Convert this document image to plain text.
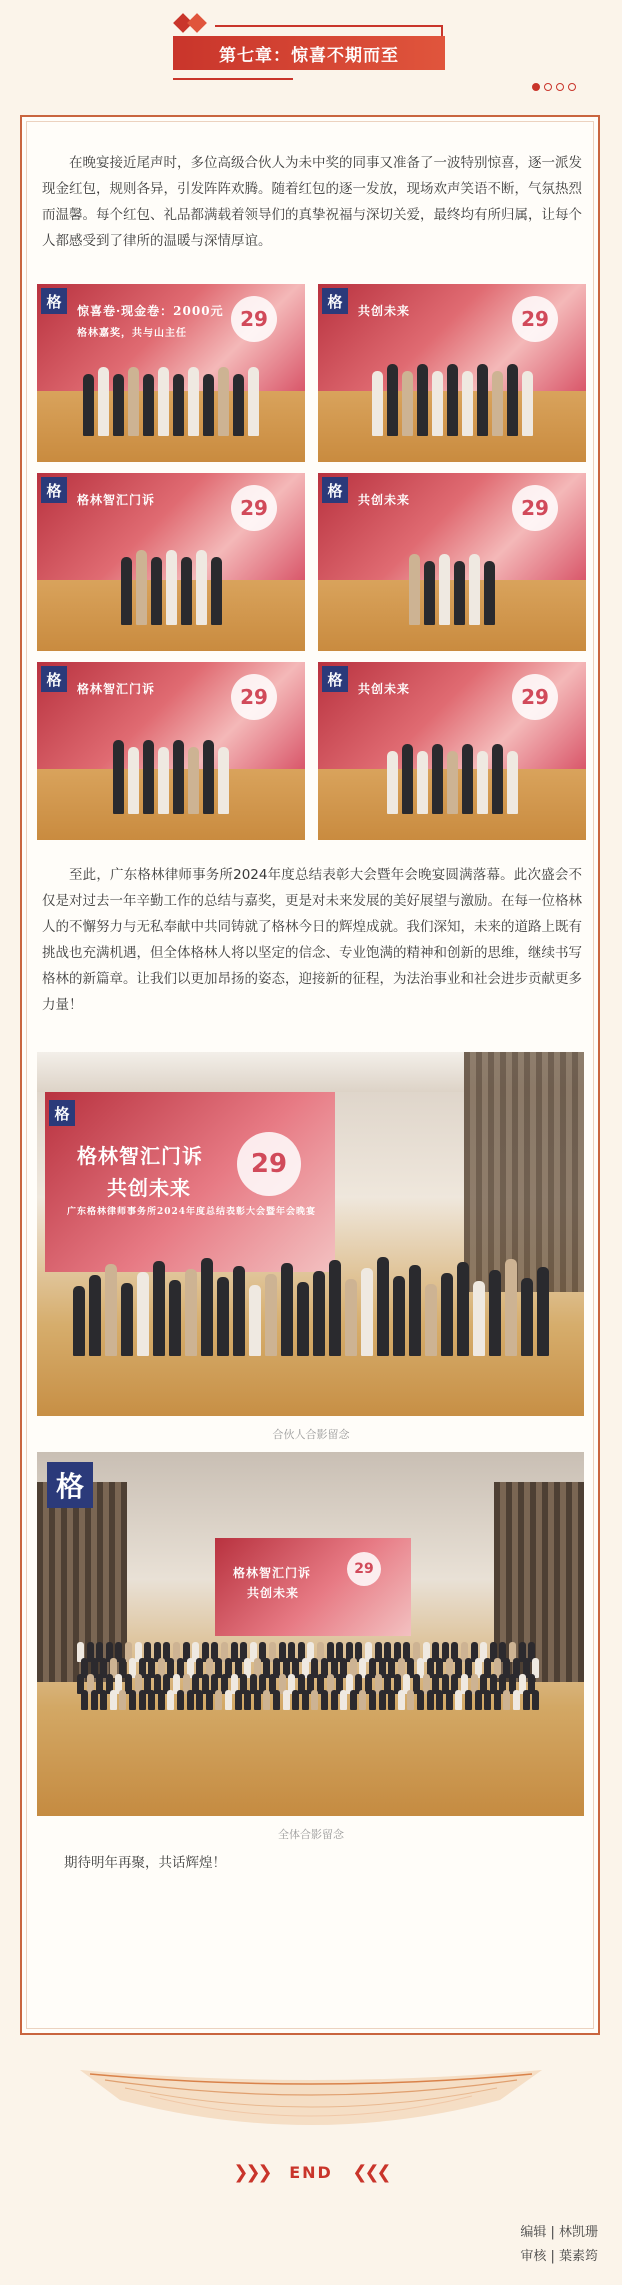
第七章：惊喜不期而至

在晚宴接近尾声时，多位高级合伙人为未中奖的同事又准备了一波特别惊喜，逐一派发现金红包，规则各异，引发阵阵欢腾。随着红包的逐一发放，现场欢声笑语不断，气氛热烈而温馨。每个红包、礼品都满载着领导们的真挚祝福与深切关爱，最终均有所归属，让每个人都感受到了律所的温暖与深情厚谊。

格
格林嘉奖，共与山主任
惊喜卷·现金卷：2000元 29
格
共创未来	29
格
格林智汇门诉	29
格
共创未来	29
格
格林智汇门诉	29
格
共创未来	29

至此，广东格林律师事务所2024年度总结表彰大会暨年会晚宴圆满落幕。此次盛会不仅是对过去一年辛勤工作的总结与嘉奖，更是对未来发展的美好展望与激励。在每一位格林人的不懈努力与无私奉献中共同铸就了格林今日的辉煌成就。我们深知，未来的道路上既有挑战也充满机遇，但全体格林人将以坚定的信念、专业饱满的精神和创新的思维，继续书写格林的新篇章。让我们以更加昂扬的姿态，迎接新的征程，为法治事业和社会进步贡献更多力量！

格
格林智汇门诉
共创未来
广东格林律师事务所2024年度总结表彰大会暨年会晚宴
29
合伙人合影留念
格
格林智汇门诉
共创未来
29
全体合影留念

期待明年再聚，共话辉煌！

❯❯❯ END ❮❮❮
编辑 | 林凯珊
审核 | 葉素筠
